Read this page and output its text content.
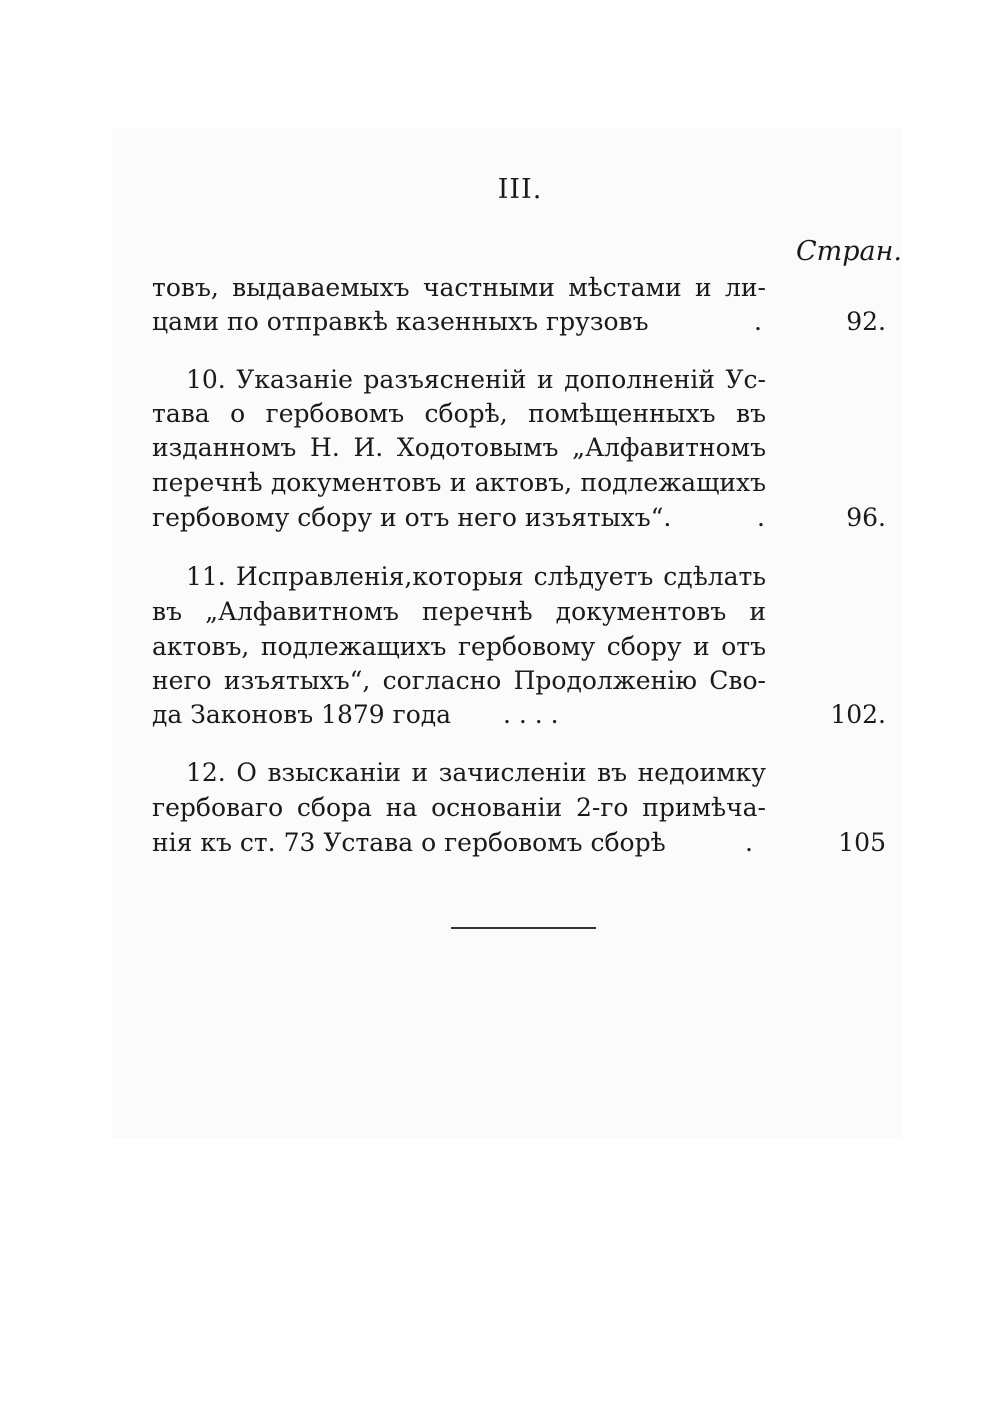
III.
Стран.
товъ, выдаваемыхъ частными мѣстами и ли-
цами по отправкѣ казенныхъ грузовъ	.	92.
10. Указаніе разъясненій и дополненій Ус-
тава о гербовомъ сборѣ, помѣщенныхъ въ
изданномъ Н. И. Ходотовымъ „Алфавитномъ
перечнѣ документовъ и актовъ, подлежащихъ
гербовому сбору и отъ него изъятыхъ“.	.	96.
11. Исправленія,которыя слѣдуетъ сдѣлать
въ „Алфавитномъ перечнѣ документовъ и
актовъ, подлежащихъ гербовому сбору и отъ
него изъятыхъ“, согласно Продолженію Сво-
да Законовъ 1879 года	. . . .	102.
12. О взысканіи и зачисленіи въ недоимку
гербоваго сбора на основаніи 2-го примѣча-
нія къ ст. 73 Устава о гербовомъ сборѣ	.	105
